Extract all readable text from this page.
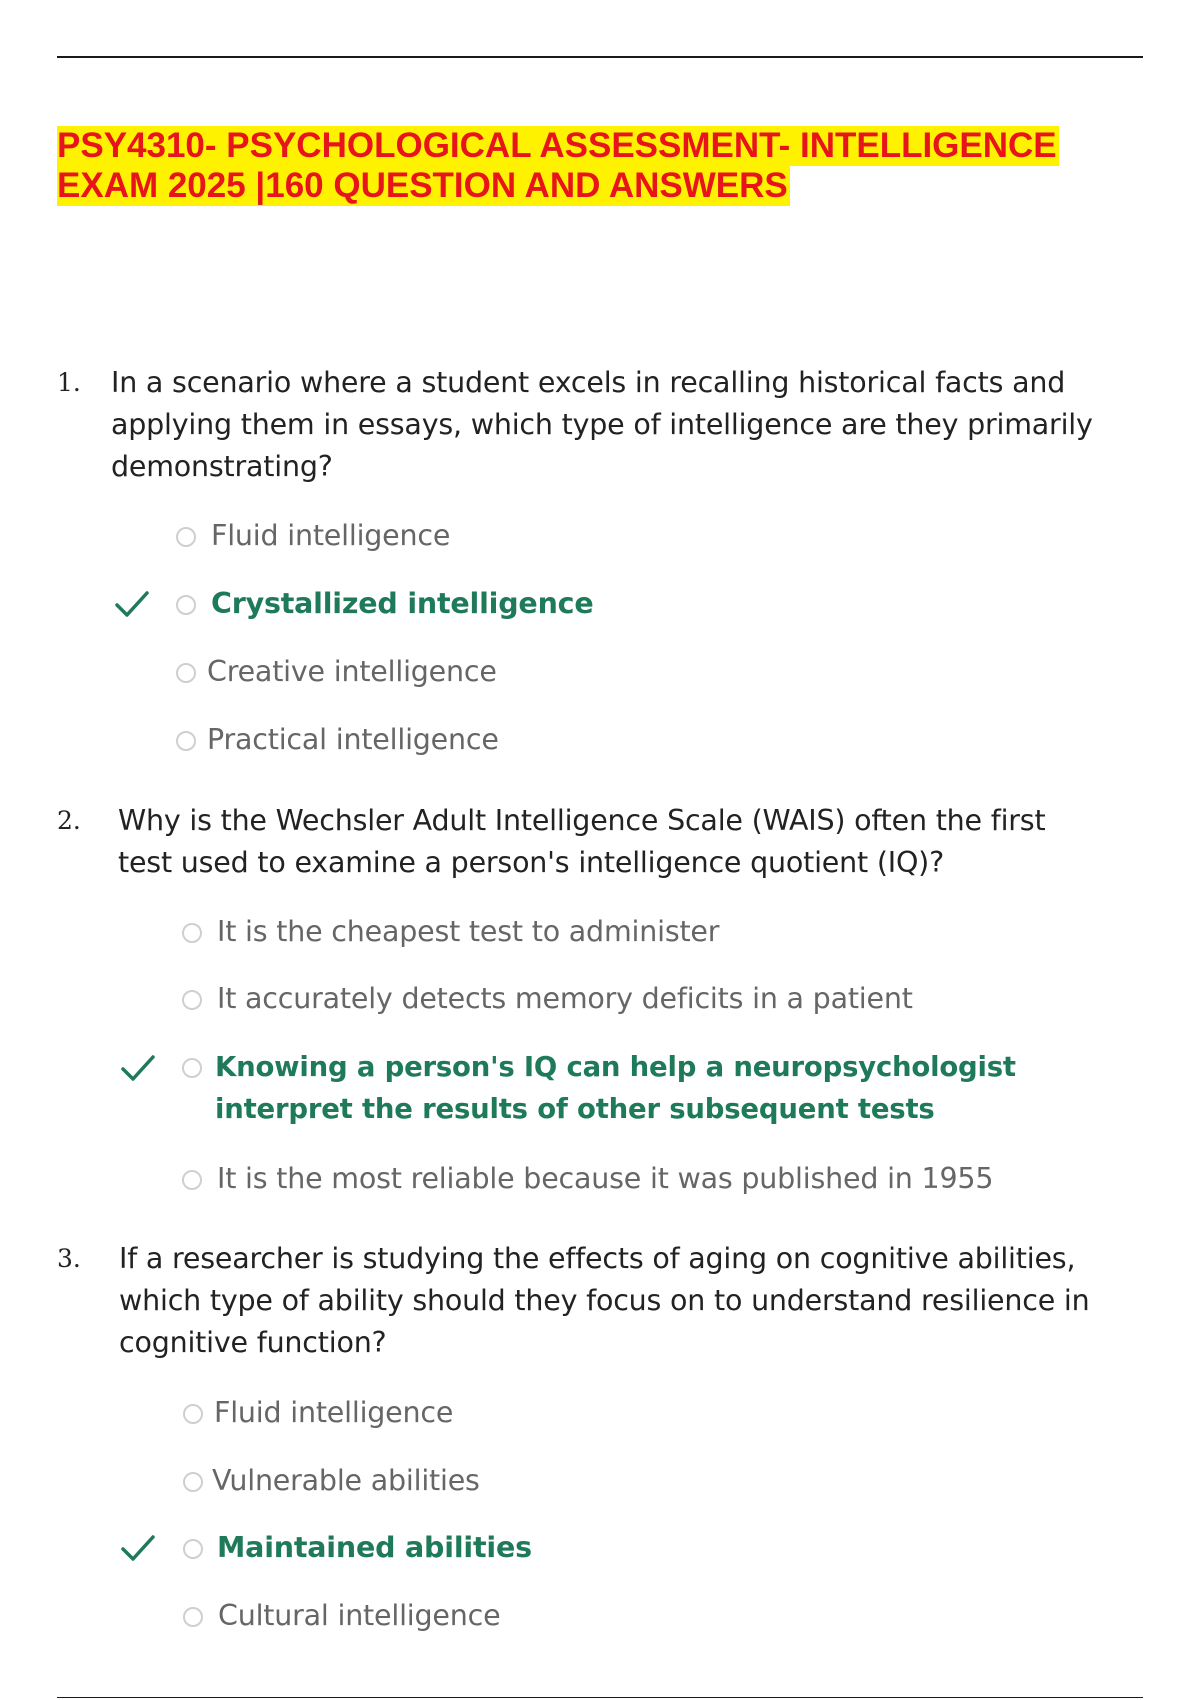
PSY4310- PSYCHOLOGICAL ASSESSMENT- INTELLIGENCE
EXAM 2025 |160 QUESTION AND ANSWERS
1. In a scenario where a student excels in recalling historical facts and applying them in essays, which type of intelligence are they primarily demonstrating?
Fluid intelligence
Crystallized intelligence
Creative intelligence
Practical intelligence
2. Why is the Wechsler Adult Intelligence Scale (WAIS) often the first test used to examine a person's intelligence quotient (IQ)?
It is the cheapest test to administer
It accurately detects memory deficits in a patient
Knowing a person's IQ can help a neuropsychologist interpret the results of other subsequent tests
It is the most reliable because it was published in 1955
3. If a researcher is studying the effects of aging on cognitive abilities, which type of ability should they focus on to understand resilience in cognitive function?
Fluid intelligence
Vulnerable abilities
Maintained abilities
Cultural intelligence
